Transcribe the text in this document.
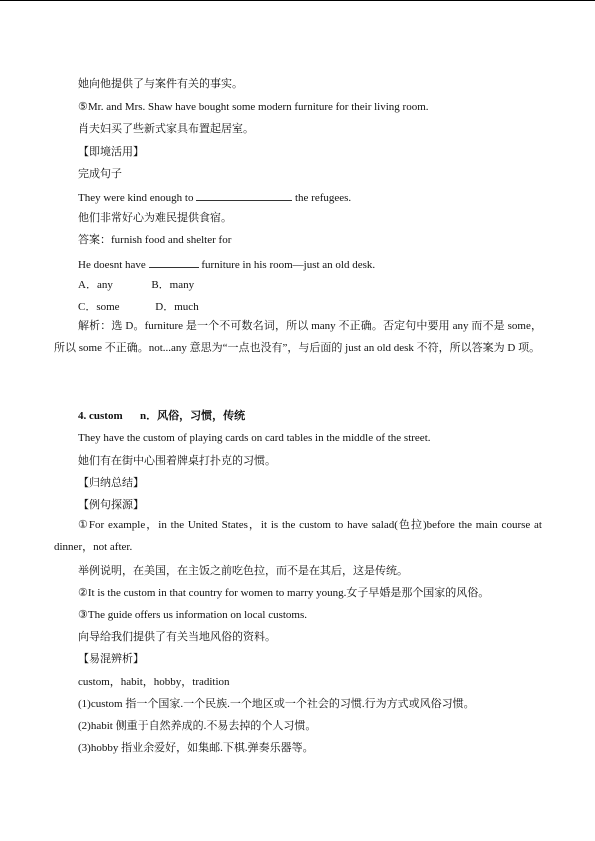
她向他提供了与案件有关的事实。
⑤Mr. and Mrs. Shaw have bought some modern furniture for their living room.
肖夫妇买了些新式家具布置起居室。
【即境活用】
完成句子
They were kind enough to	the refugees.
他们非常好心为难民提供食宿。
答案：furnish food and shelter for
He doesnt have	furniture in his room—just an old desk.
A．any              B．many
C．some             D．much
解析：选 D。furniture 是一个不可数名词，所以 many 不正确。否定句中要用 any 而不是 some，所以 some 不正确。not...any 意思为“一点也没有”，与后面的 just an old desk 不符，所以答案为 D 项。
4. custom n．风俗，习惯，传统
They have the custom of playing cards on card tables in the middle of the street.
她们有在街中心围着牌桌打扑克的习惯。
【归纳总结】
【例句探源】
①For example，in the United States，it is the custom to have salad(色拉)before the main course at dinner，not after.
举例说明，在美国，在主饭之前吃色拉，而不是在其后，这是传统。
②It is the custom in that country for women to marry young.女子早婚是那个国家的风俗。
③The guide offers us information on local customs.
向导给我们提供了有关当地风俗的资料。
【易混辨析】
custom，habit，hobby，tradition
(1)custom 指一个国家.一个民族.一个地区或一个社会的习惯.行为方式或风俗习惯。
(2)habit 侧重于自然养成的.不易去掉的个人习惯。
(3)hobby 指业余爱好，如集邮.下棋.弹奏乐器等。
